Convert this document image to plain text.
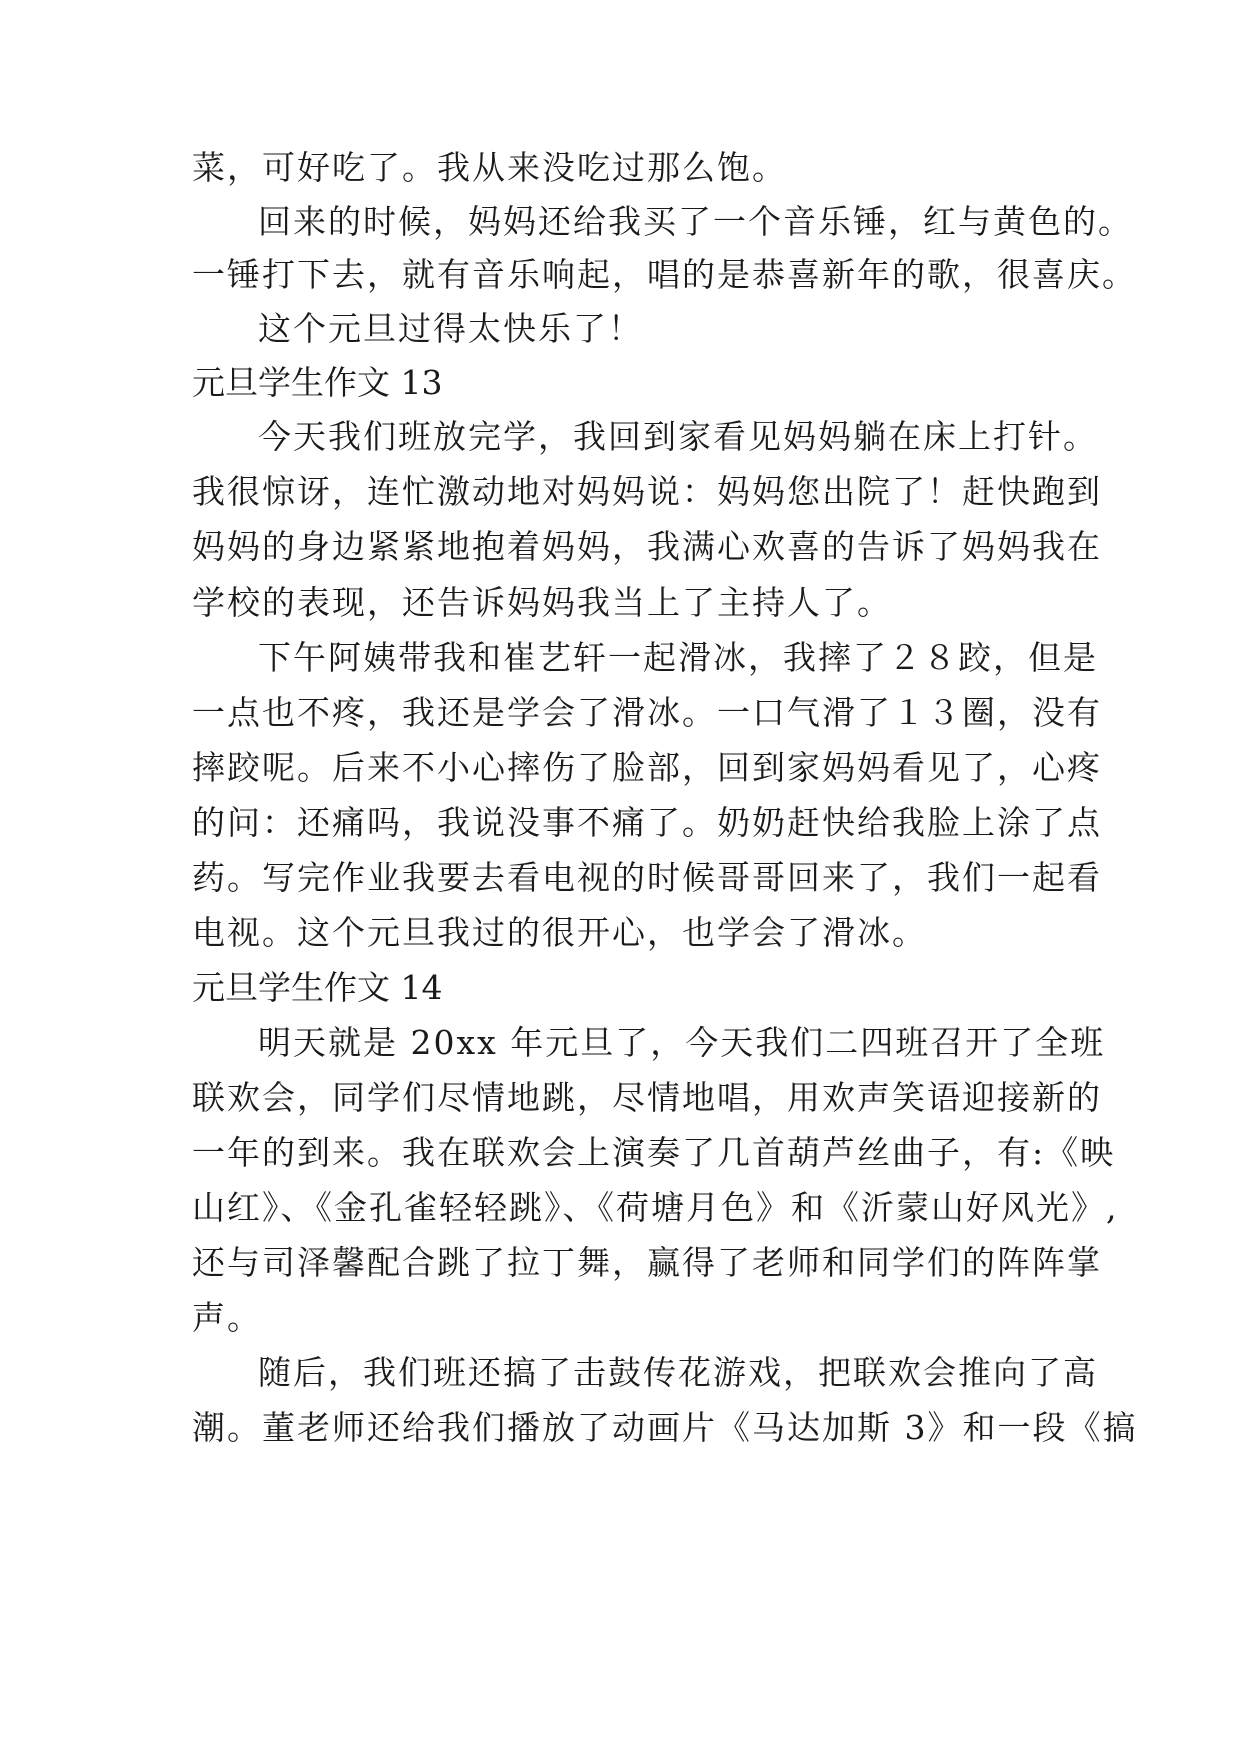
菜，可好吃了。我从来没吃过那么饱。
回来的时候，妈妈还给我买了一个音乐锤，红与黄色的。
一锤打下去，就有音乐响起，唱的是恭喜新年的歌，很喜庆。
这个元旦过得太快乐了！
元旦学生作文 13
今天我们班放完学，我回到家看见妈妈躺在床上打针。
我很惊讶，连忙激动地对妈妈说：妈妈您出院了！赶快跑到
妈妈的身边紧紧地抱着妈妈，我满心欢喜的告诉了妈妈我在
学校的表现，还告诉妈妈我当上了主持人了。
下午阿姨带我和崔艺轩一起滑冰，我摔了２８跤，但是
一点也不疼，我还是学会了滑冰。一口气滑了１３圈，没有
摔跤呢。后来不小心摔伤了脸部，回到家妈妈看见了，心疼
的问：还痛吗，我说没事不痛了。奶奶赶快给我脸上涂了点
药。写完作业我要去看电视的时候哥哥回来了，我们一起看
电视。这个元旦我过的很开心，也学会了滑冰。
元旦学生作文 14
明天就是 20xx 年元旦了，今天我们二四班召开了全班
联欢会，同学们尽情地跳，尽情地唱，用欢声笑语迎接新的
一年的到来。我在联欢会上演奏了几首葫芦丝曲子，有:《映
山红》、《金孔雀轻轻跳》、《荷塘月色》和《沂蒙山好风光》,
还与司泽馨配合跳了拉丁舞，赢得了老师和同学们的阵阵掌
声。
随后，我们班还搞了击鼓传花游戏，把联欢会推向了高
潮。董老师还给我们播放了动画片《马达加斯 3》和一段《搞
